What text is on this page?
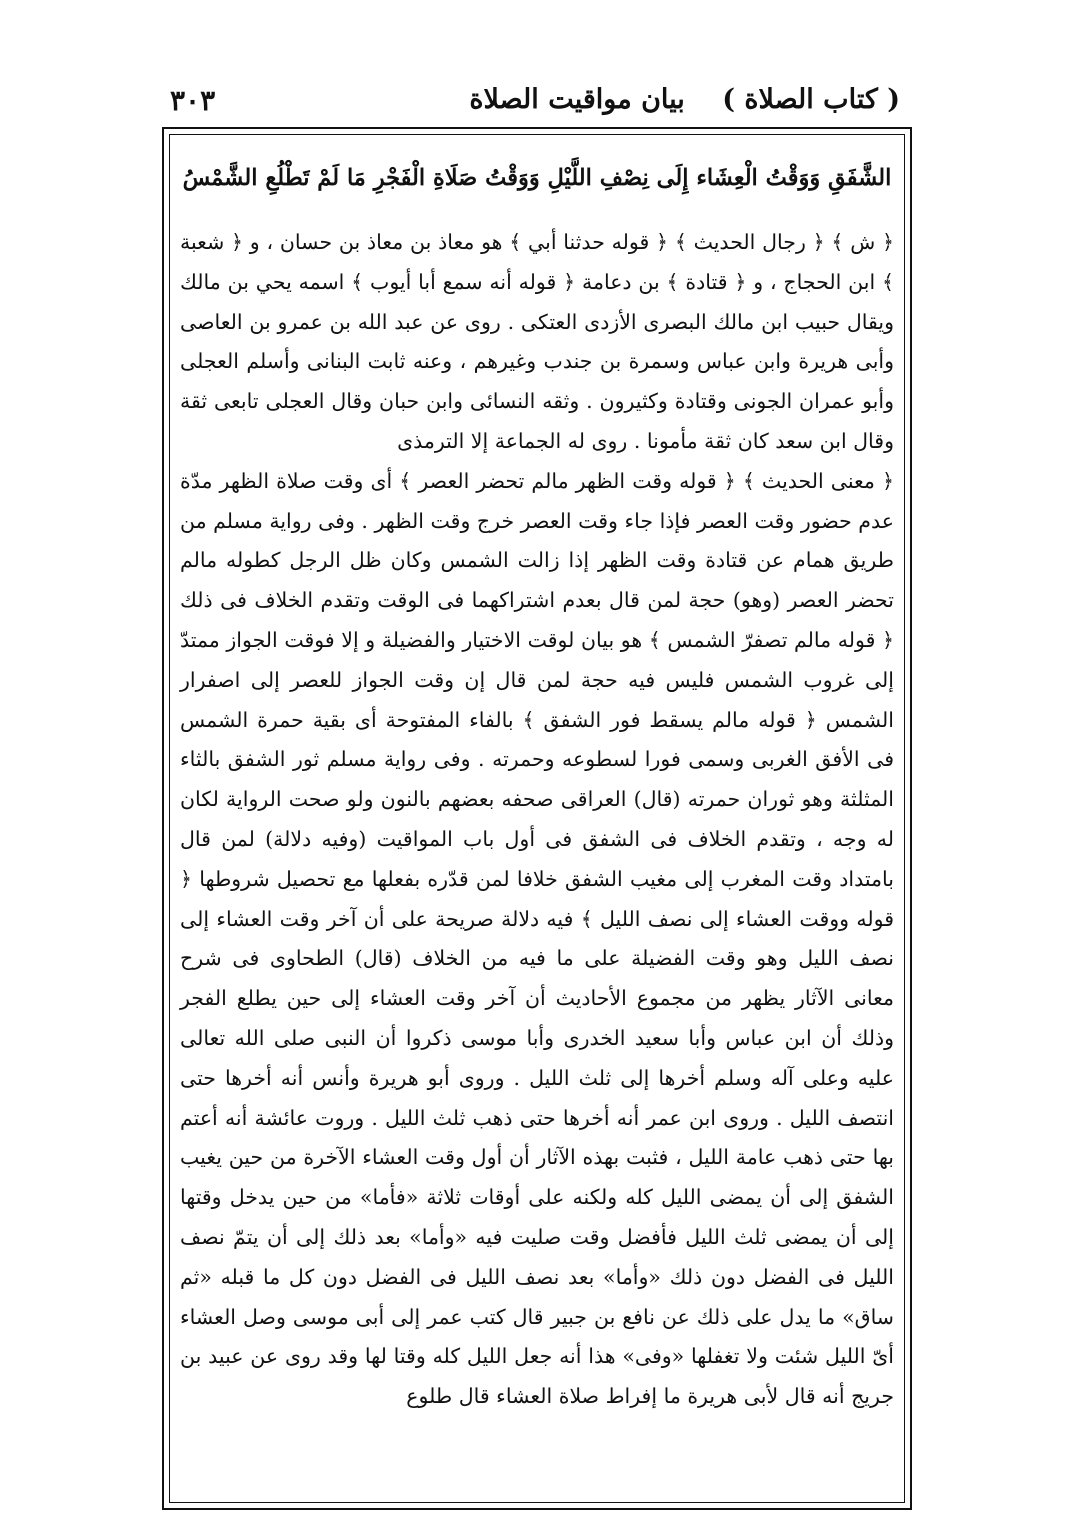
( كتاب الصلاة ) بيان مواقيت الصلاة
٣٠٣
الشَّفَقِ وَوَقْتُ الْعِشَاء إِلَى نِصْفِ اللَّيْلِ وَوَقْتُ صَلَاةِ الْفَجْرِ مَا لَمْ تَطْلُعِ الشَّمْسُ

﴿ ش ﴾ ﴿ رجال الحديث ﴾ ﴿ قوله حدثنا أبي ﴾ هو معاذ بن معاذ بن حسان ، و ﴿ شعبة ﴾ ابن الحجاج ، و ﴿ قتادة ﴾ بن دعامة ﴿ قوله أنه سمع أبا أيوب ﴾ اسمه يحي بن مالك ويقال حبيب ابن مالك البصرى الأزدى العتكى . روى عن عبد الله بن عمرو بن العاصى وأبى هريرة وابن عباس وسمرة بن جندب وغيرهم ، وعنه ثابت البنانى وأسلم العجلى وأبو عمران الجونى وقتادة وكثيرون . وثقه النسائى وابن حبان وقال العجلى تابعى ثقة وقال ابن سعد كان ثقة مأمونا . روى له الجماعة إلا الترمذى

﴿ معنى الحديث ﴾ ﴿ قوله وقت الظهر مالم تحضر العصر ﴾ أى وقت صلاة الظهر مدّة عدم حضور وقت العصر فإذا جاء وقت العصر خرج وقت الظهر . وفى رواية مسلم من طريق همام عن قتادة وقت الظهر إذا زالت الشمس وكان ظل الرجل كطوله مالم تحضر العصر (وهو) حجة لمن قال بعدم اشتراكهما فى الوقت وتقدم الخلاف فى ذلك ﴿ قوله مالم تصفرّ الشمس ﴾ هو بيان لوقت الاختيار والفضيلة و إلا فوقت الجواز ممتدّ إلى غروب الشمس فليس فيه حجة لمن قال إن وقت الجواز للعصر إلى اصفرار الشمس ﴿ قوله مالم يسقط فور الشفق ﴾ بالفاء المفتوحة أى بقية حمرة الشمس فى الأفق الغربى وسمى فورا لسطوعه وحمرته . وفى رواية مسلم ثور الشفق بالثاء المثلثة وهو ثوران حمرته (قال) العراقى صحفه بعضهم بالنون ولو صحت الرواية لكان له وجه ، وتقدم الخلاف فى الشفق فى أول باب المواقيت (وفيه دلالة) لمن قال بامتداد وقت المغرب إلى مغيب الشفق خلافا لمن قدّره بفعلها مع تحصيل شروطها ﴿ قوله ووقت العشاء إلى نصف الليل ﴾ فيه دلالة صريحة على أن آخر وقت العشاء إلى نصف الليل وهو وقت الفضيلة على ما فيه من الخلاف (قال) الطحاوى فى شرح معانى الآثار يظهر من مجموع الأحاديث أن آخر وقت العشاء إلى حين يطلع الفجر وذلك أن ابن عباس وأبا سعيد الخدرى وأبا موسى ذكروا أن النبى صلى الله تعالى عليه وعلى آله وسلم أخرها إلى ثلث الليل . وروى أبو هريرة وأنس أنه أخرها حتى انتصف الليل . وروى ابن عمر أنه أخرها حتى ذهب ثلث الليل . وروت عائشة أنه أعتم بها حتى ذهب عامة الليل ، فثبت بهذه الآثار أن أول وقت العشاء الآخرة من حين يغيب الشفق إلى أن يمضى الليل كله ولكنه على أوقات ثلاثة «فأما» من حين يدخل وقتها إلى أن يمضى ثلث الليل فأفضل وقت صليت فيه «وأما» بعد ذلك إلى أن يتمّ نصف الليل فى الفضل دون ذلك «وأما» بعد نصف الليل فى الفضل دون كل ما قبله «ثم ساق» ما يدل على ذلك عن نافع بن جبير قال كتب عمر إلى أبى موسى وصل العشاء أىّ الليل شئت ولا تغفلها «وفى» هذا أنه جعل الليل كله وقتا لها وقد روى عن عبيد بن جريج أنه قال لأبى هريرة ما إفراط صلاة العشاء قال طلوع
